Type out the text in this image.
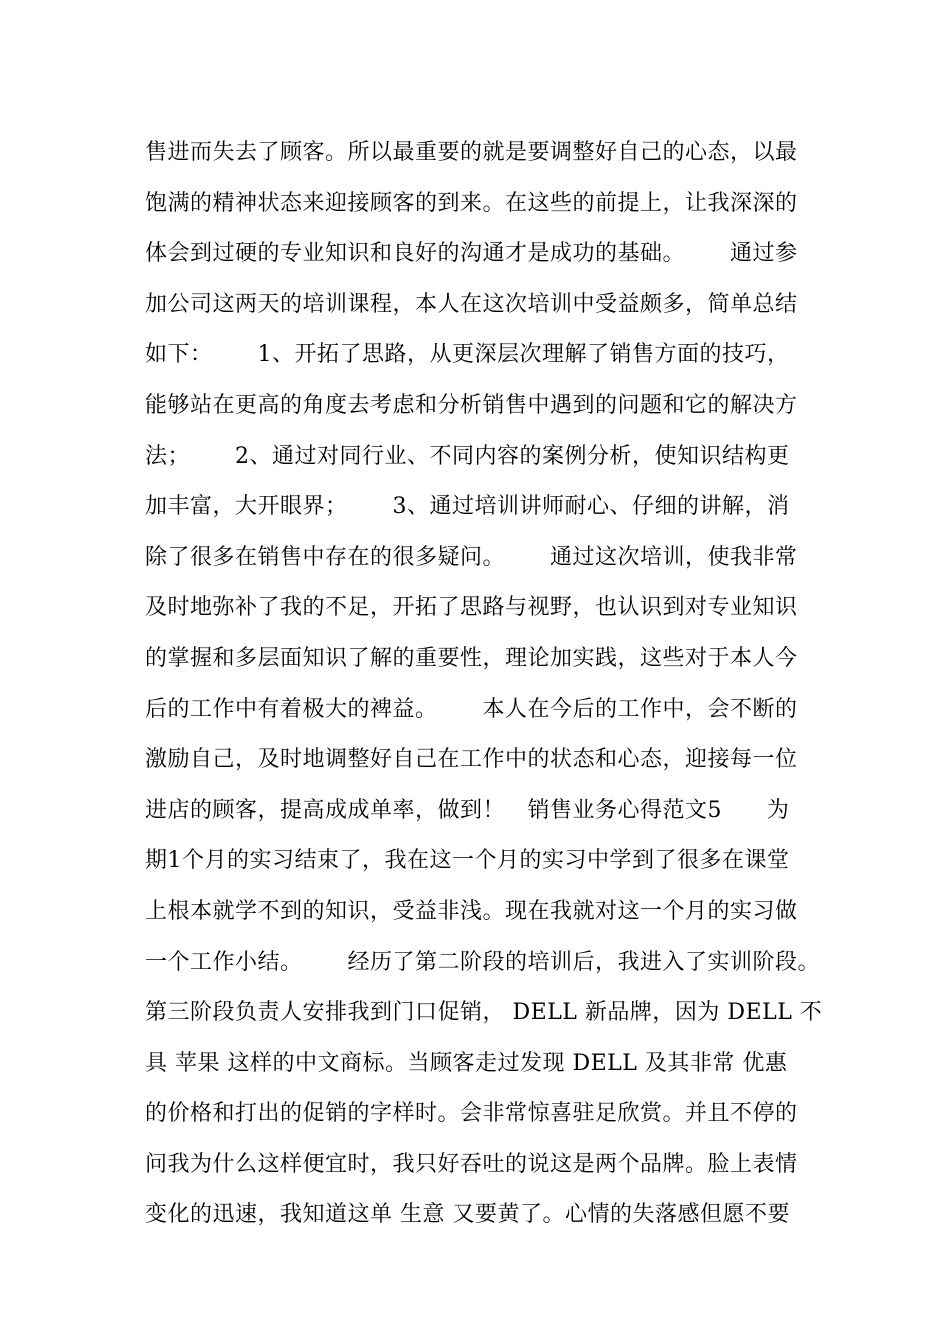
售进而失去了顾客。所以最重要的就是要调整好自己的心态，以最
饱满的精神状态来迎接顾客的到来。在这些的前提上，让我深深的
体会到过硬的专业知识和良好的沟通才是成功的基础。      通过参
加公司这两天的培训课程，本人在这次培训中受益颇多，简单总结
如下：      1、开拓了思路，从更深层次理解了销售方面的技巧，
能够站在更高的角度去考虑和分析销售中遇到的问题和它的解决方
法；      2、通过对同行业、不同内容的案例分析，使知识结构更
加丰富，大开眼界；      3、通过培训讲师耐心、仔细的讲解，消
除了很多在销售中存在的很多疑问。      通过这次培训，使我非常
及时地弥补了我的不足，开拓了思路与视野，也认识到对专业知识
的掌握和多层面知识了解的重要性，理论加实践，这些对于本人今
后的工作中有着极大的裨益。      本人在今后的工作中，会不断的
激励自己，及时地调整好自己在工作中的状态和心态，迎接每一位
进店的顾客，提高成成单率，做到！   销售业务心得范文5      为
期1个月的实习结束了，我在这一个月的实习中学到了很多在课堂
上根本就学不到的知识，受益非浅。现在我就对这一个月的实习做
一个工作小结。      经历了第二阶段的培训后，我进入了实训阶段。
第三阶段负责人安排我到门口促销， DELL 新品牌，因为 DELL 不
具 苹果 这样的中文商标。当顾客走过发现 DELL 及其非常 优惠
的价格和打出的促销的字样时。会非常惊喜驻足欣赏。并且不停的
问我为什么这样便宜时，我只好吞吐的说这是两个品牌。脸上表情
变化的迅速，我知道这单 生意 又要黄了。心情的失落感但愿不要
